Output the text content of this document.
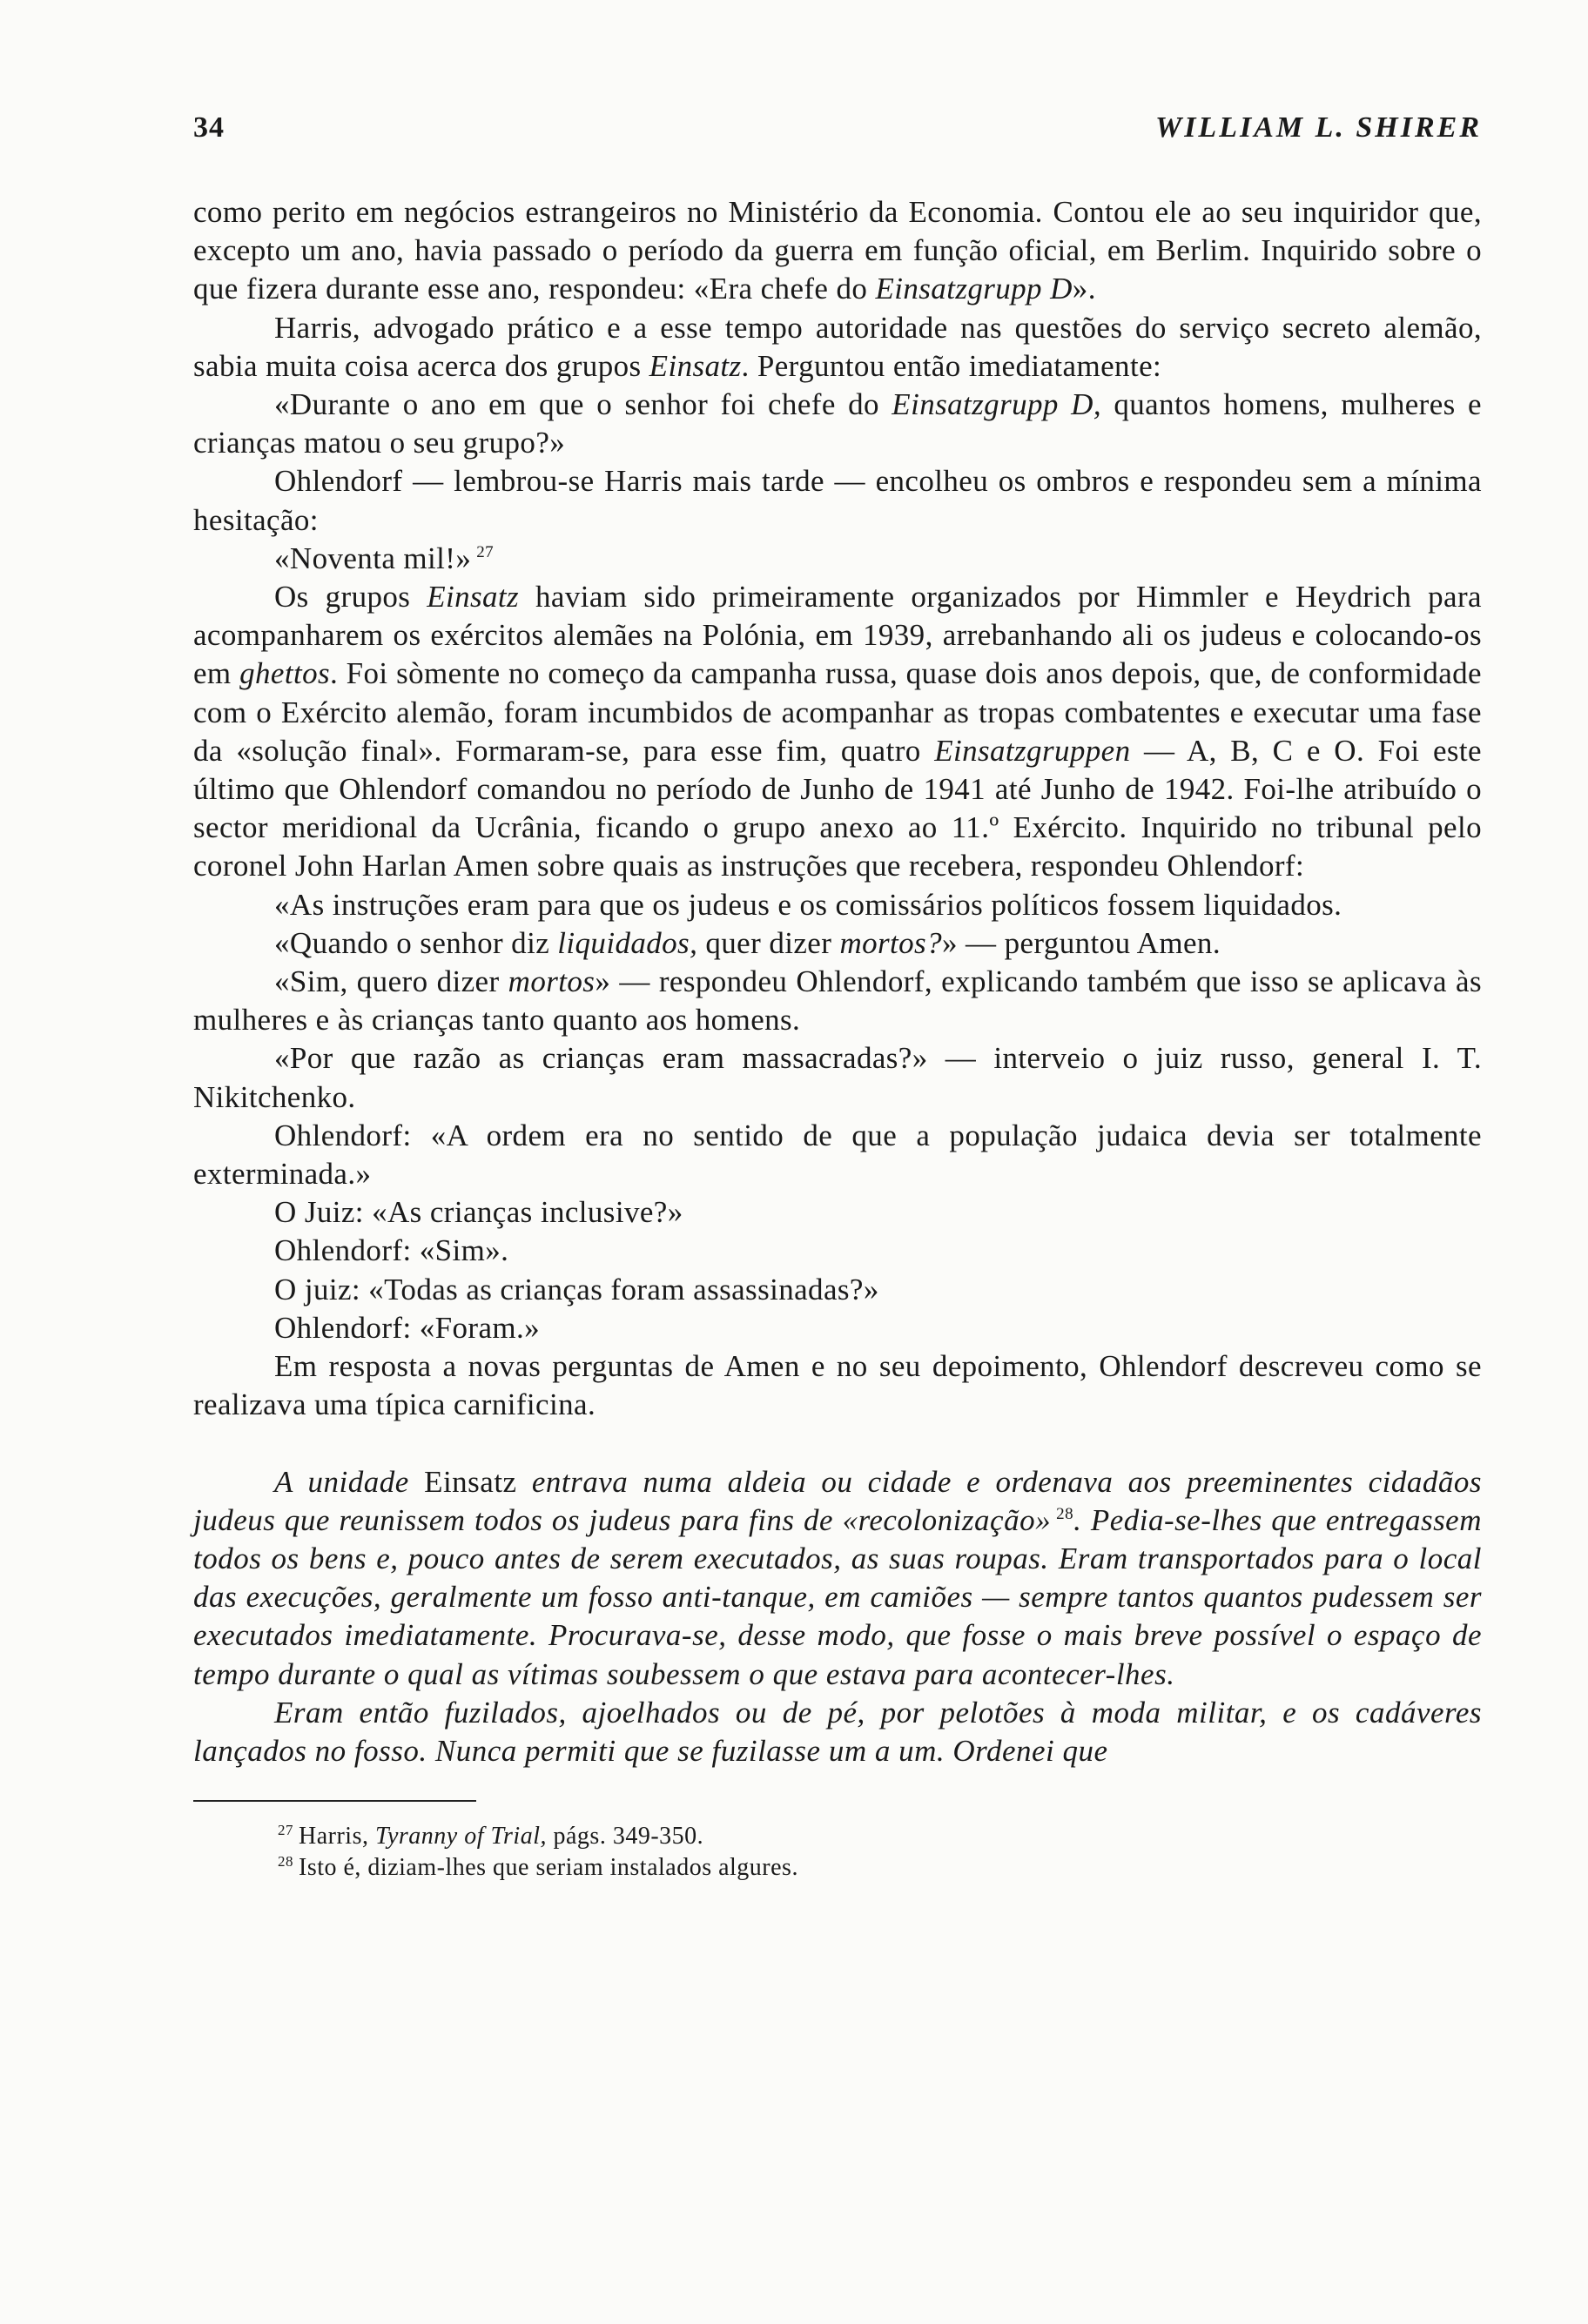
34	WILLIAM L. SHIRER

como perito em negócios estrangeiros no Ministério da Economia. Contou ele ao seu inquiridor que, excepto um ano, havia passado o período da guerra em função oficial, em Berlim. Inquirido sobre o que fizera durante esse ano, respondeu: «Era chefe do Einsatzgrupp D».

Harris, advogado prático e a esse tempo autoridade nas questões do serviço secreto alemão, sabia muita coisa acerca dos grupos Einsatz. Perguntou então imediatamente:

«Durante o ano em que o senhor foi chefe do Einsatzgrupp D, quantos homens, mulheres e crianças matou o seu grupo?»

Ohlendorf — lembrou-se Harris mais tarde — encolheu os ombros e respondeu sem a mínima hesitação:

«Noventa mil!» $^{27}$

Os grupos Einsatz haviam sido primeiramente organizados por Himmler e Heydrich para acompanharem os exércitos alemães na Polónia, em 1939, arrebanhando ali os judeus e colocando-os em ghettos. Foi sòmente no começo da campanha russa, quase dois anos depois, que, de conformidade com o Exército alemão, foram incumbidos de acompanhar as tropas combatentes e executar uma fase da «solução final». Formaram-se, para esse fim, quatro Einsatzgruppen — A, B, C e O. Foi este último que Ohlendorf comandou no período de Junho de 1941 até Junho de 1942. Foi-lhe atribuído o sector meridional da Ucrânia, ficando o grupo anexo ao 11.º Exército. Inquirido no tribunal pelo coronel John Harlan Amen sobre quais as instruções que recebera, respondeu Ohlendorf:

«As instruções eram para que os judeus e os comissários políticos fossem liquidados.

«Quando o senhor diz liquidados, quer dizer mortos?» — perguntou Amen.

«Sim, quero dizer mortos» — respondeu Ohlendorf, explicando também que isso se aplicava às mulheres e às crianças tanto quanto aos homens.

«Por que razão as crianças eram massacradas?» — interveio o juiz russo, general I. T. Nikitchenko.

Ohlendorf: «A ordem era no sentido de que a população judaica devia ser totalmente exterminada.»

O Juiz: «As crianças inclusive?»

Ohlendorf: «Sim».

O juiz: «Todas as crianças foram assassinadas?»

Ohlendorf: «Foram.»

Em resposta a novas perguntas de Amen e no seu depoimento, Ohlendorf descreveu como se realizava uma típica carnificina.

A unidade Einsatz entrava numa aldeia ou cidade e ordenava aos preeminentes cidadãos judeus que reunissem todos os judeus para fins de «recolonização» $^{28}$. Pedia-se-lhes que entregassem todos os bens e, pouco antes de serem executados, as suas roupas. Eram transportados para o local das execuções, geralmente um fosso anti-tanque, em camiões — sempre tantos quantos pudessem ser executados imediatamente. Procurava-se, desse modo, que fosse o mais breve possível o espaço de tempo durante o qual as vítimas soubessem o que estava para acontecer-lhes.

Eram então fuzilados, ajoelhados ou de pé, por pelotões à moda militar, e os cadáveres lançados no fosso. Nunca permiti que se fuzilasse um a um. Ordenei que

$^{27}$ Harris, Tyranny of Trial, págs. 349-350.

$^{28}$ Isto é, diziam-lhes que seriam instalados algures.
